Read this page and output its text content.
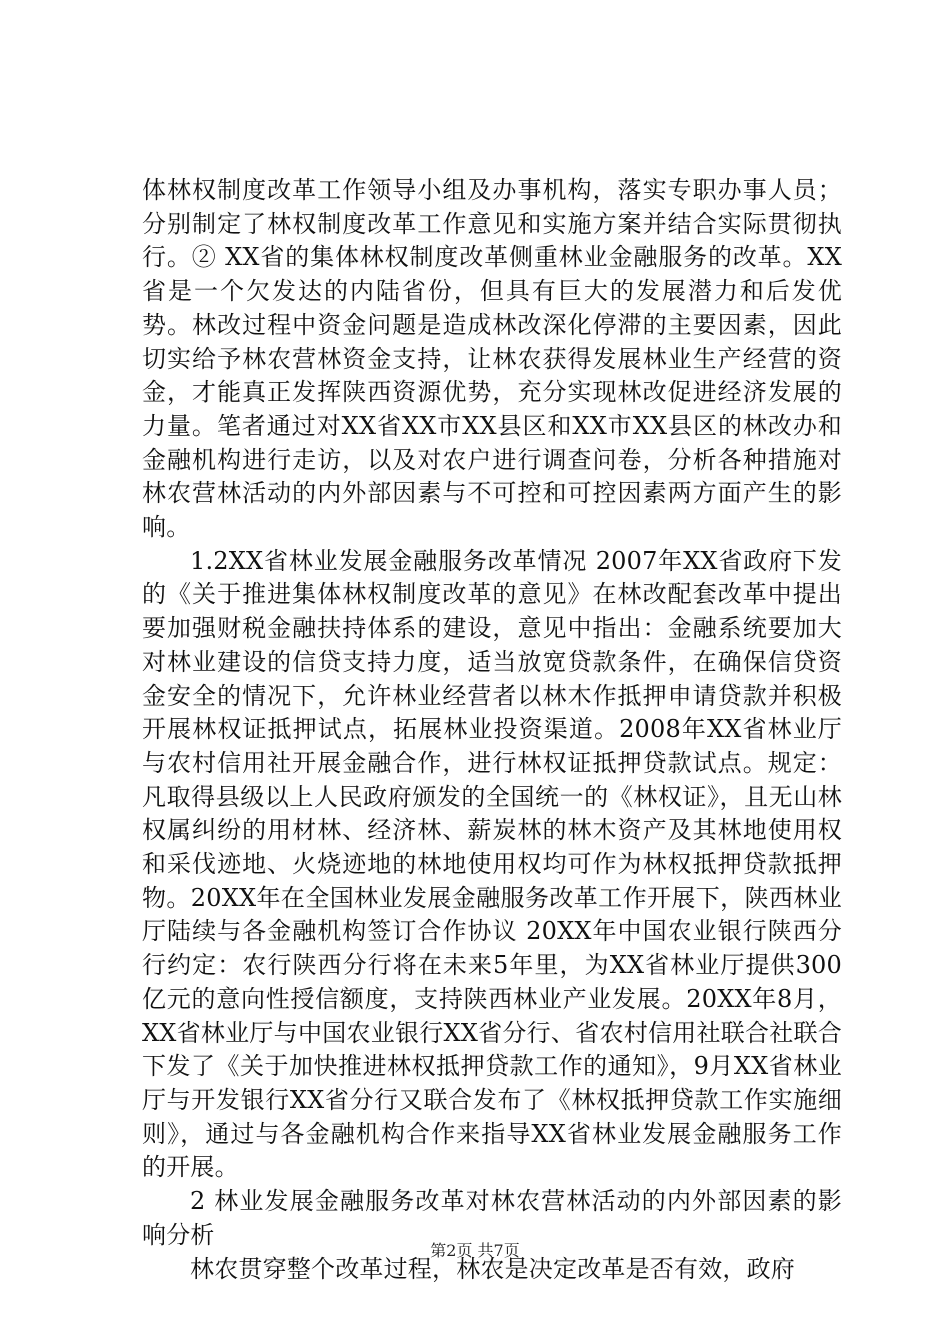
体林权制度改革工作领导小组及办事机构，落实专职办事人员；分别制定了林权制度改革工作意见和实施方案并结合实际贯彻执行。② XX省的集体林权制度改革侧重林业金融服务的改革。XX省是一个欠发达的内陆省份，但具有巨大的发展潜力和后发优势。林改过程中资金问题是造成林改深化停滞的主要因素，因此切实给予林农营林资金支持，让林农获得发展林业生产经营的资金，才能真正发挥陕西资源优势，充分实现林改促进经济发展的力量。笔者通过对XX省XX市XX县区和XX市XX县区的林改办和金融机构进行走访，以及对农户进行调查问卷，分析各种措施对林农营林活动的内外部因素与不可控和可控因素两方面产生的影响。

1.2XX省林业发展金融服务改革情况 2007年XX省政府下发的《关于推进集体林权制度改革的意见》在林改配套改革中提出要加强财税金融扶持体系的建设，意见中指出：金融系统要加大对林业建设的信贷支持力度，适当放宽贷款条件，在确保信贷资金安全的情况下，允许林业经营者以林木作抵押申请贷款并积极开展林权证抵押试点，拓展林业投资渠道。2008年XX省林业厅与农村信用社开展金融合作，进行林权证抵押贷款试点。规定：凡取得县级以上人民政府颁发的全国统一的《林权证》，且无山林权属纠纷的用材林、经济林、薪炭林的林木资产及其林地使用权和采伐迹地、火烧迹地的林地使用权均可作为林权抵押贷款抵押物。20XX年在全国林业发展金融服务改革工作开展下，陕西林业厅陆续与各金融机构签订合作协议 20XX年中国农业银行陕西分行约定：农行陕西分行将在未来5年里，为XX省林业厅提供300亿元的意向性授信额度，支持陕西林业产业发展。20XX年8月，XX省林业厅与中国农业银行XX省分行、省农村信用社联合社联合下发了《关于加快推进林权抵押贷款工作的通知》，9月XX省林业厅与开发银行XX省分行又联合发布了《林权抵押贷款工作实施细则》，通过与各金融机构合作来指导XX省林业发展金融服务工作的开展。

2 林业发展金融服务改革对林农营林活动的内外部因素的影响分析

林农贯穿整个改革过程，林农是决定改革是否有效，政府

第2页 共7页
